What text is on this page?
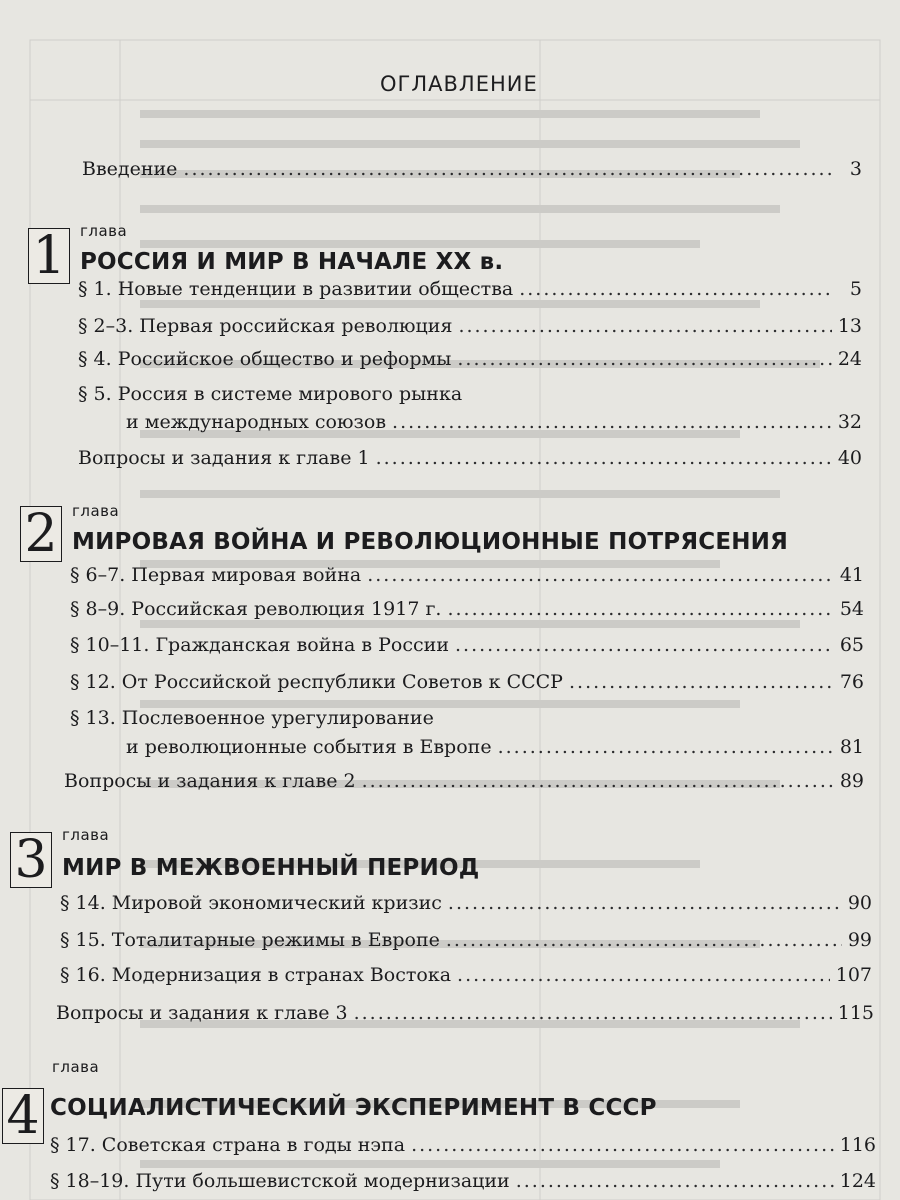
ОГЛАВЛЕНИЕ
Введение .....	3
1 глава
РОССИЯ И МИР В НАЧАЛЕ XX в.
§ 1. Новые тенденции в развитии общества .....	5
§ 2–3. Первая российская революция .....	13
§ 4. Российское общество и реформы .....	24
§ 5. Россия в системе мирового рынка
и международных союзов .....	32
Вопросы и задания к главе 1 .....	40
2 глава
МИРОВАЯ ВОЙНА И РЕВОЛЮЦИОННЫЕ ПОТРЯСЕНИЯ
§ 6–7. Первая мировая война .....	41
§ 8–9. Российская революция 1917 г. .....	54
§ 10–11. Гражданская война в России .....	65
§ 12. От Российской республики Советов к СССР .....	76
§ 13. Послевоенное урегулирование
и революционные события в Европе .....	81
Вопросы и задания к главе 2 .....	89
3 глава
МИР В МЕЖВОЕННЫЙ ПЕРИОД
§ 14. Мировой экономический кризис .....	90
§ 15. Тоталитарные режимы в Европе .....	99
§ 16. Модернизация в странах Востока .....	107
Вопросы и задания к главе 3 .....	115
4
глава
СОЦИАЛИСТИЧЕСКИЙ ЭКСПЕРИМЕНТ В СССР
§ 17. Советская страна в годы нэпа .....	116
§ 18–19. Пути большевистской модернизации .....	124
